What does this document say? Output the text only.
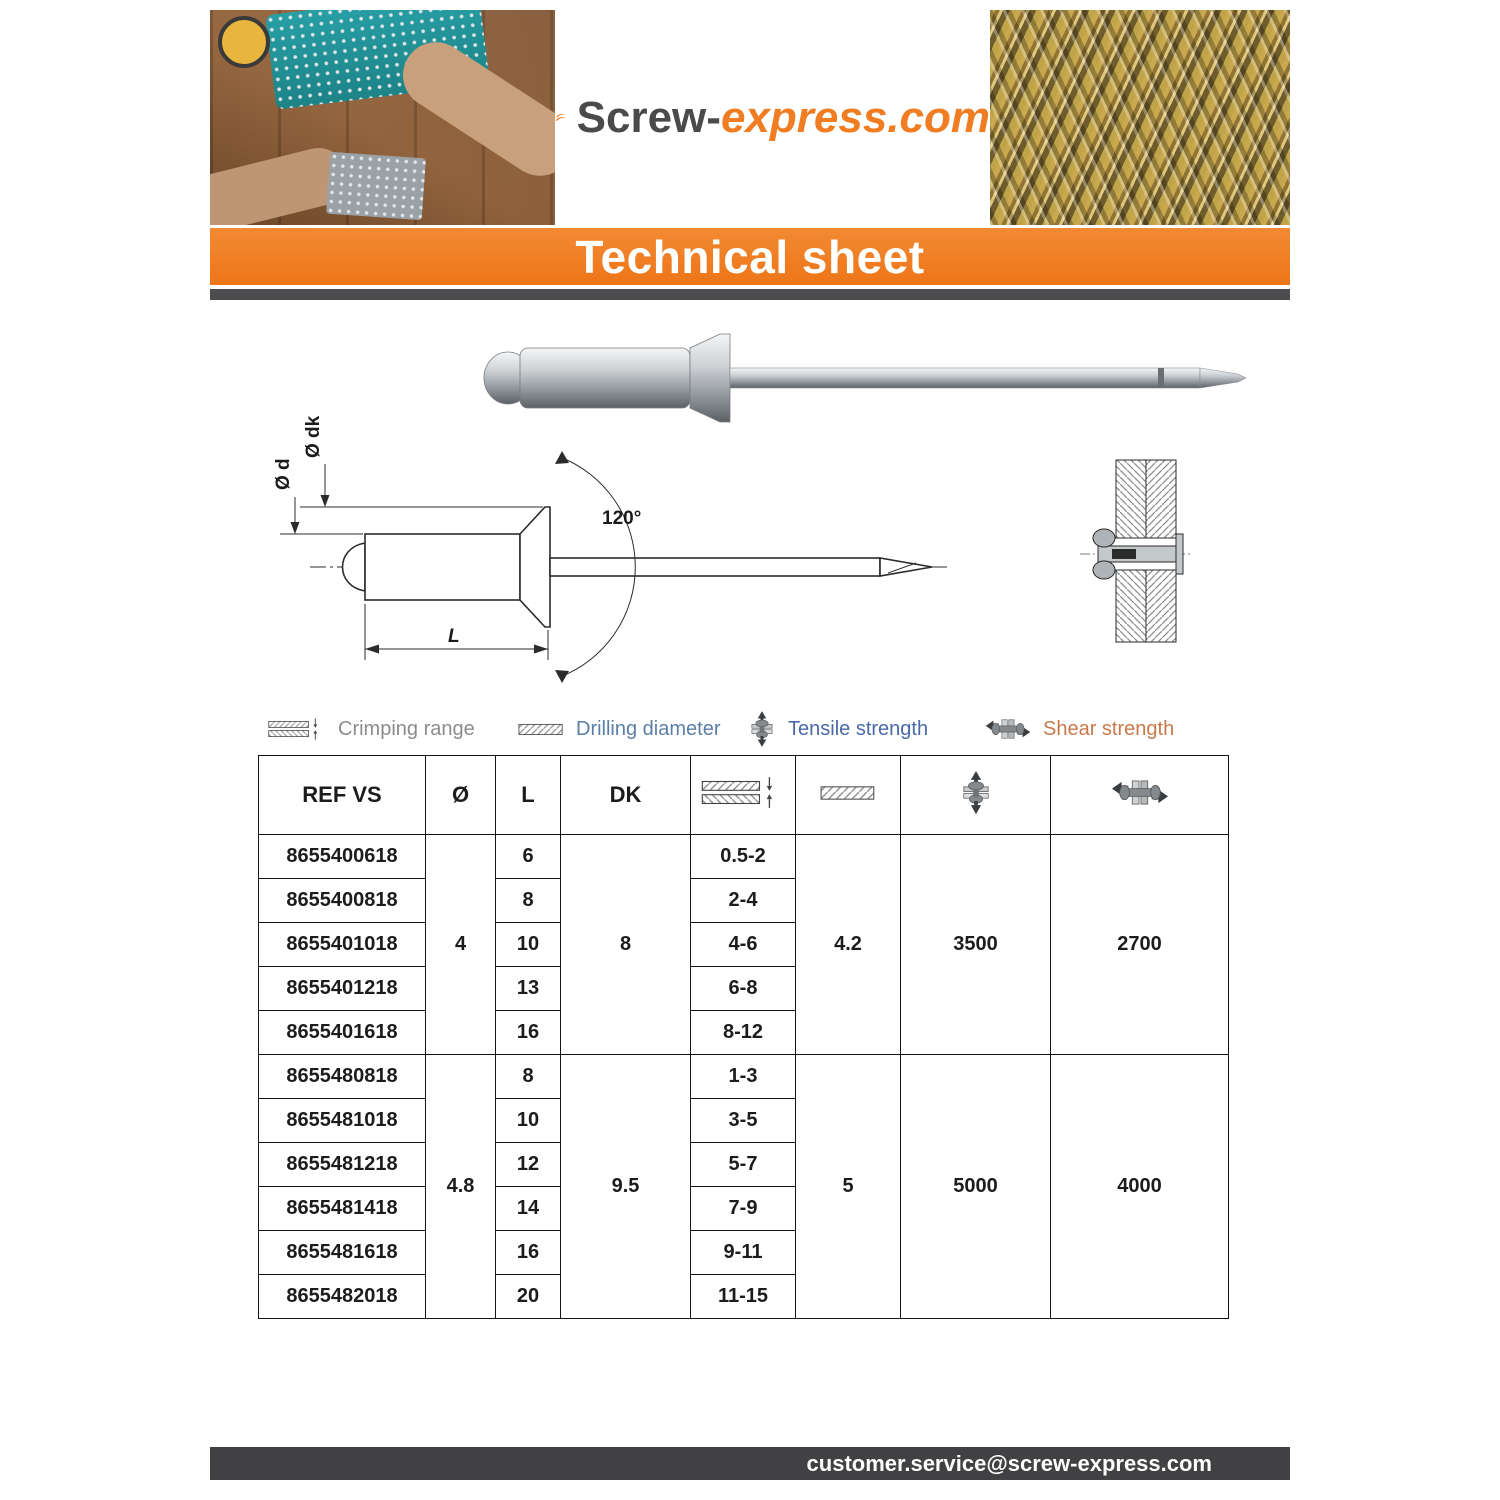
Screw-express.com
Technical sheet
Ø d
Ø dk
120°
L
Crimping range	Drilling diameter	Tensile strength	Shear strength
REF VS	Ø	L	DK				
8655400618	4	6	8	0.5-2	4.2	3500	2700
8655400818		8		2-4			
8655401018		10		4-6			
8655401218		13		6-8			
8655401618		16		8-12			
8655480818	4.8	8	9.5	1-3	5	5000	4000
8655481018		10		3-5			
8655481218		12		5-7			
8655481418		14		7-9			
8655481618		16		9-11			
8655482018		20		11-15			
customer.service@screw-express.com
